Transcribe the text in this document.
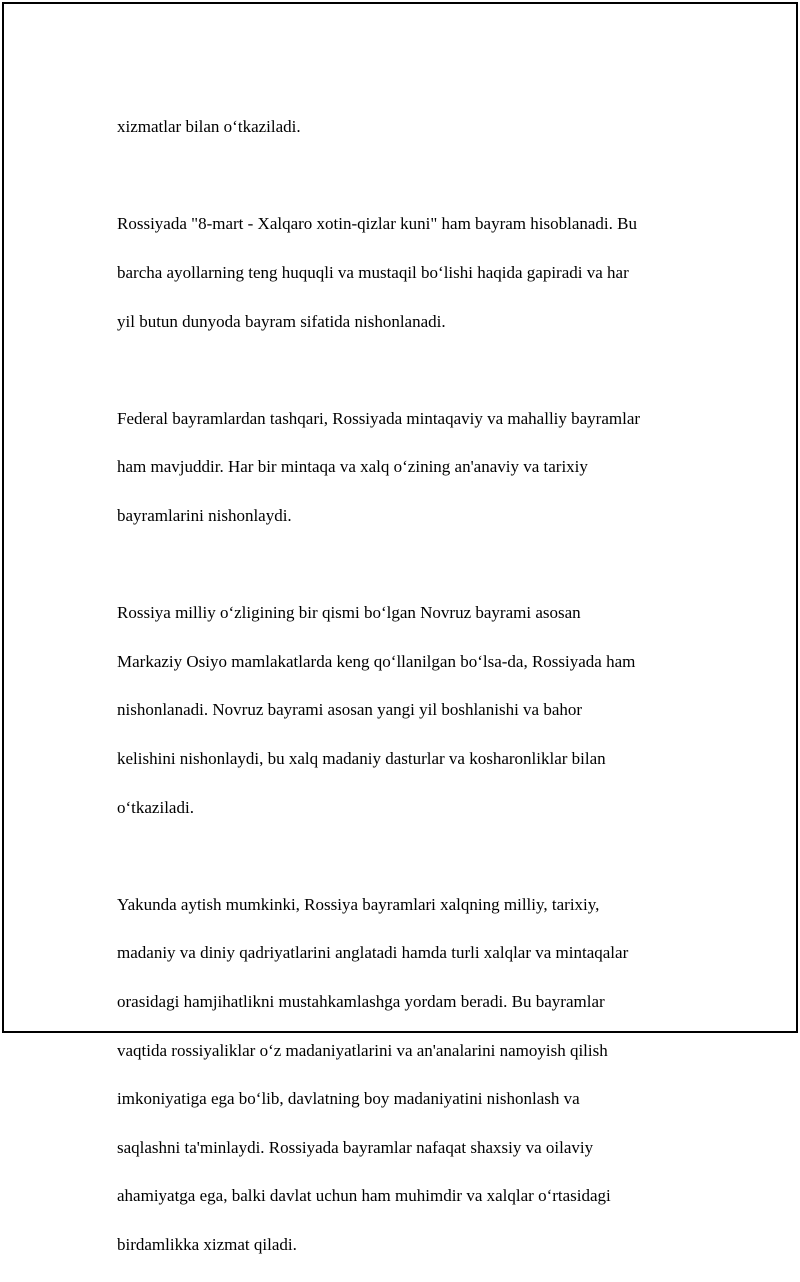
xizmatlar bilan o‘tkaziladi.

Rossiyada "8-mart - Xalqaro xotin-qizlar kuni" ham bayram hisoblanadi. Bu

barcha ayollarning teng huquqli va mustaqil bo‘lishi haqida gapiradi va har

yil butun dunyoda bayram sifatida nishonlanadi.

Federal bayramlardan tashqari, Rossiyada mintaqaviy va mahalliy bayramlar

ham mavjuddir. Har bir mintaqa va xalq o‘zining an'anaviy va tarixiy

bayramlarini nishonlaydi.

Rossiya milliy o‘zligining bir qismi bo‘lgan Novruz bayrami asosan

Markaziy Osiyo mamlakatlarda keng qo‘llanilgan bo‘lsa-da, Rossiyada ham

nishonlanadi. Novruz bayrami asosan yangi yil boshlanishi va bahor

kelishini nishonlaydi, bu xalq madaniy dasturlar va kosharonliklar bilan

o‘tkaziladi.

Yakunda aytish mumkinki, Rossiya bayramlari xalqning milliy, tarixiy,

madaniy va diniy qadriyatlarini anglatadi hamda turli xalqlar va mintaqalar

orasidagi hamjihatlikni mustahkamlashga yordam beradi. Bu bayramlar

vaqtida rossiyaliklar o‘z madaniyatlarini va an'analarini namoyish qilish

imkoniyatiga ega bo‘lib, davlatning boy madaniyatini nishonlash va

saqlashni ta'minlaydi. Rossiyada bayramlar nafaqat shaxsiy va oilaviy

ahamiyatga ega, balki davlat uchun ham muhimdir va xalqlar o‘rtasidagi

birdamlikka xizmat qiladi.
